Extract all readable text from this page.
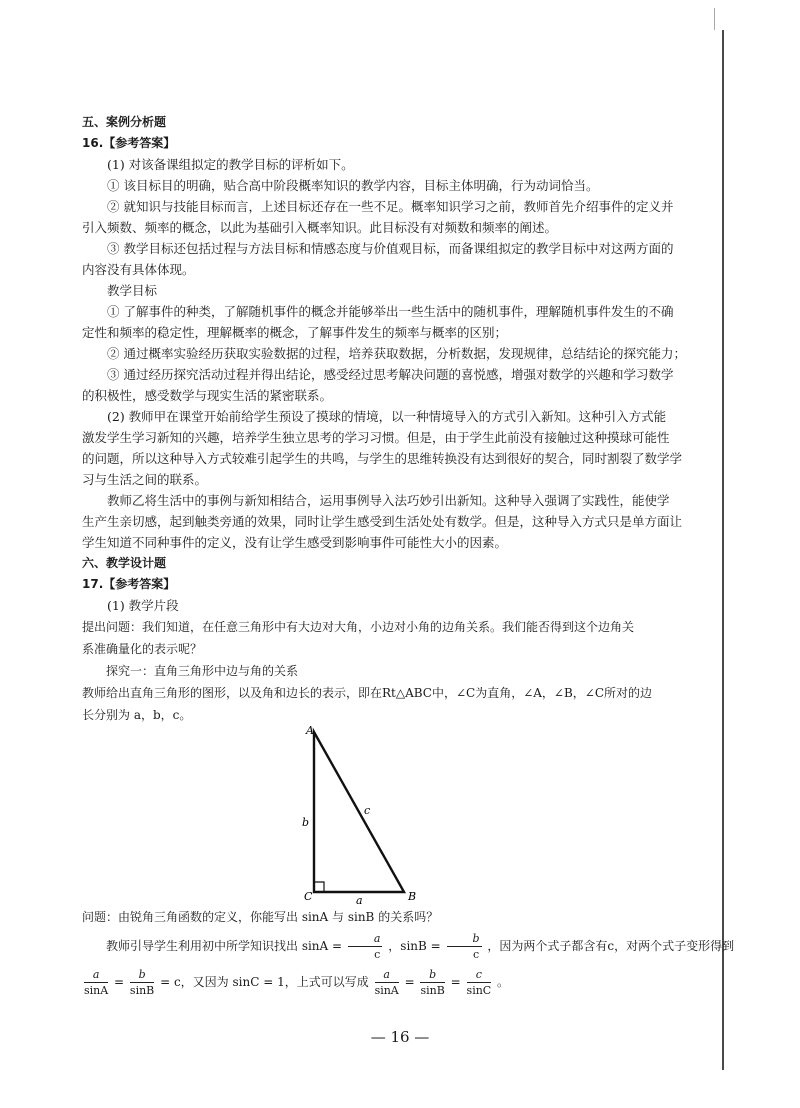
五、案例分析题
16.【参考答案】
(1) 对该备课组拟定的教学目标的评析如下。
① 该目标目的明确，贴合高中阶段概率知识的教学内容，目标主体明确，行为动词恰当。
② 就知识与技能目标而言，上述目标还存在一些不足。概率知识学习之前，教师首先介绍事件的定义并
引入频数、频率的概念，以此为基础引入概率知识。此目标没有对频数和频率的阐述。
③ 教学目标还包括过程与方法目标和情感态度与价值观目标，而备课组拟定的教学目标中对这两方面的
内容没有具体体现。
教学目标
① 了解事件的种类，了解随机事件的概念并能够举出一些生活中的随机事件，理解随机事件发生的不确
定性和频率的稳定性，理解概率的概念，了解事件发生的频率与概率的区别；
② 通过概率实验经历获取实验数据的过程，培养获取数据，分析数据，发现规律，总结结论的探究能力；
③ 通过经历探究活动过程并得出结论，感受经过思考解决问题的喜悦感，增强对数学的兴趣和学习数学
的积极性，感受数学与现实生活的紧密联系。
(2) 教师甲在课堂开始前给学生预设了摸球的情境，以一种情境导入的方式引入新知。这种引入方式能
激发学生学习新知的兴趣，培养学生独立思考的学习习惯。但是，由于学生此前没有接触过这种摸球可能性
的问题，所以这种导入方式较难引起学生的共鸣，与学生的思维转换没有达到很好的契合，同时割裂了数学学
习与生活之间的联系。
教师乙将生活中的事例与新知相结合，运用事例导入法巧妙引出新知。这种导入强调了实践性，能使学
生产生亲切感，起到触类旁通的效果，同时让学生感受到生活处处有数学。但是，这种导入方式只是单方面让
学生知道不同种事件的定义，没有让学生感受到影响事件可能性大小的因素。
六、教学设计题
17.【参考答案】
(1) 教学片段
提出问题：我们知道，在任意三角形中有大边对大角，小边对小角的边角关系。我们能否得到这个边角关
系准确量化的表示呢？
探究一：直角三角形中边与角的关系
教师给出直角三角形的图形，以及角和边长的表示，即在Rt△ABC中，∠C为直角，∠A，∠B，∠C所对的边
长分别为 a，b，c。
A
C	B
b
c
a
问题：由锐角三角函数的定义，你能写出 sinA 与 sinB 的关系吗？
教师引导学生利用初中所学知识找出 $\sin A = \frac{a}{c}$ ，$\sin B = \frac{b}{c}$ ，因为两个式子都含有c，对两个式子变形得到
$\frac{a}{\sin A} = \frac{b}{\sin B} = c$，又因为 sinC = 1，上式可以写成 $\frac{a}{\sin A} = \frac{b}{\sin B} = \frac{c}{\sin C}$ 。
— 16 —
